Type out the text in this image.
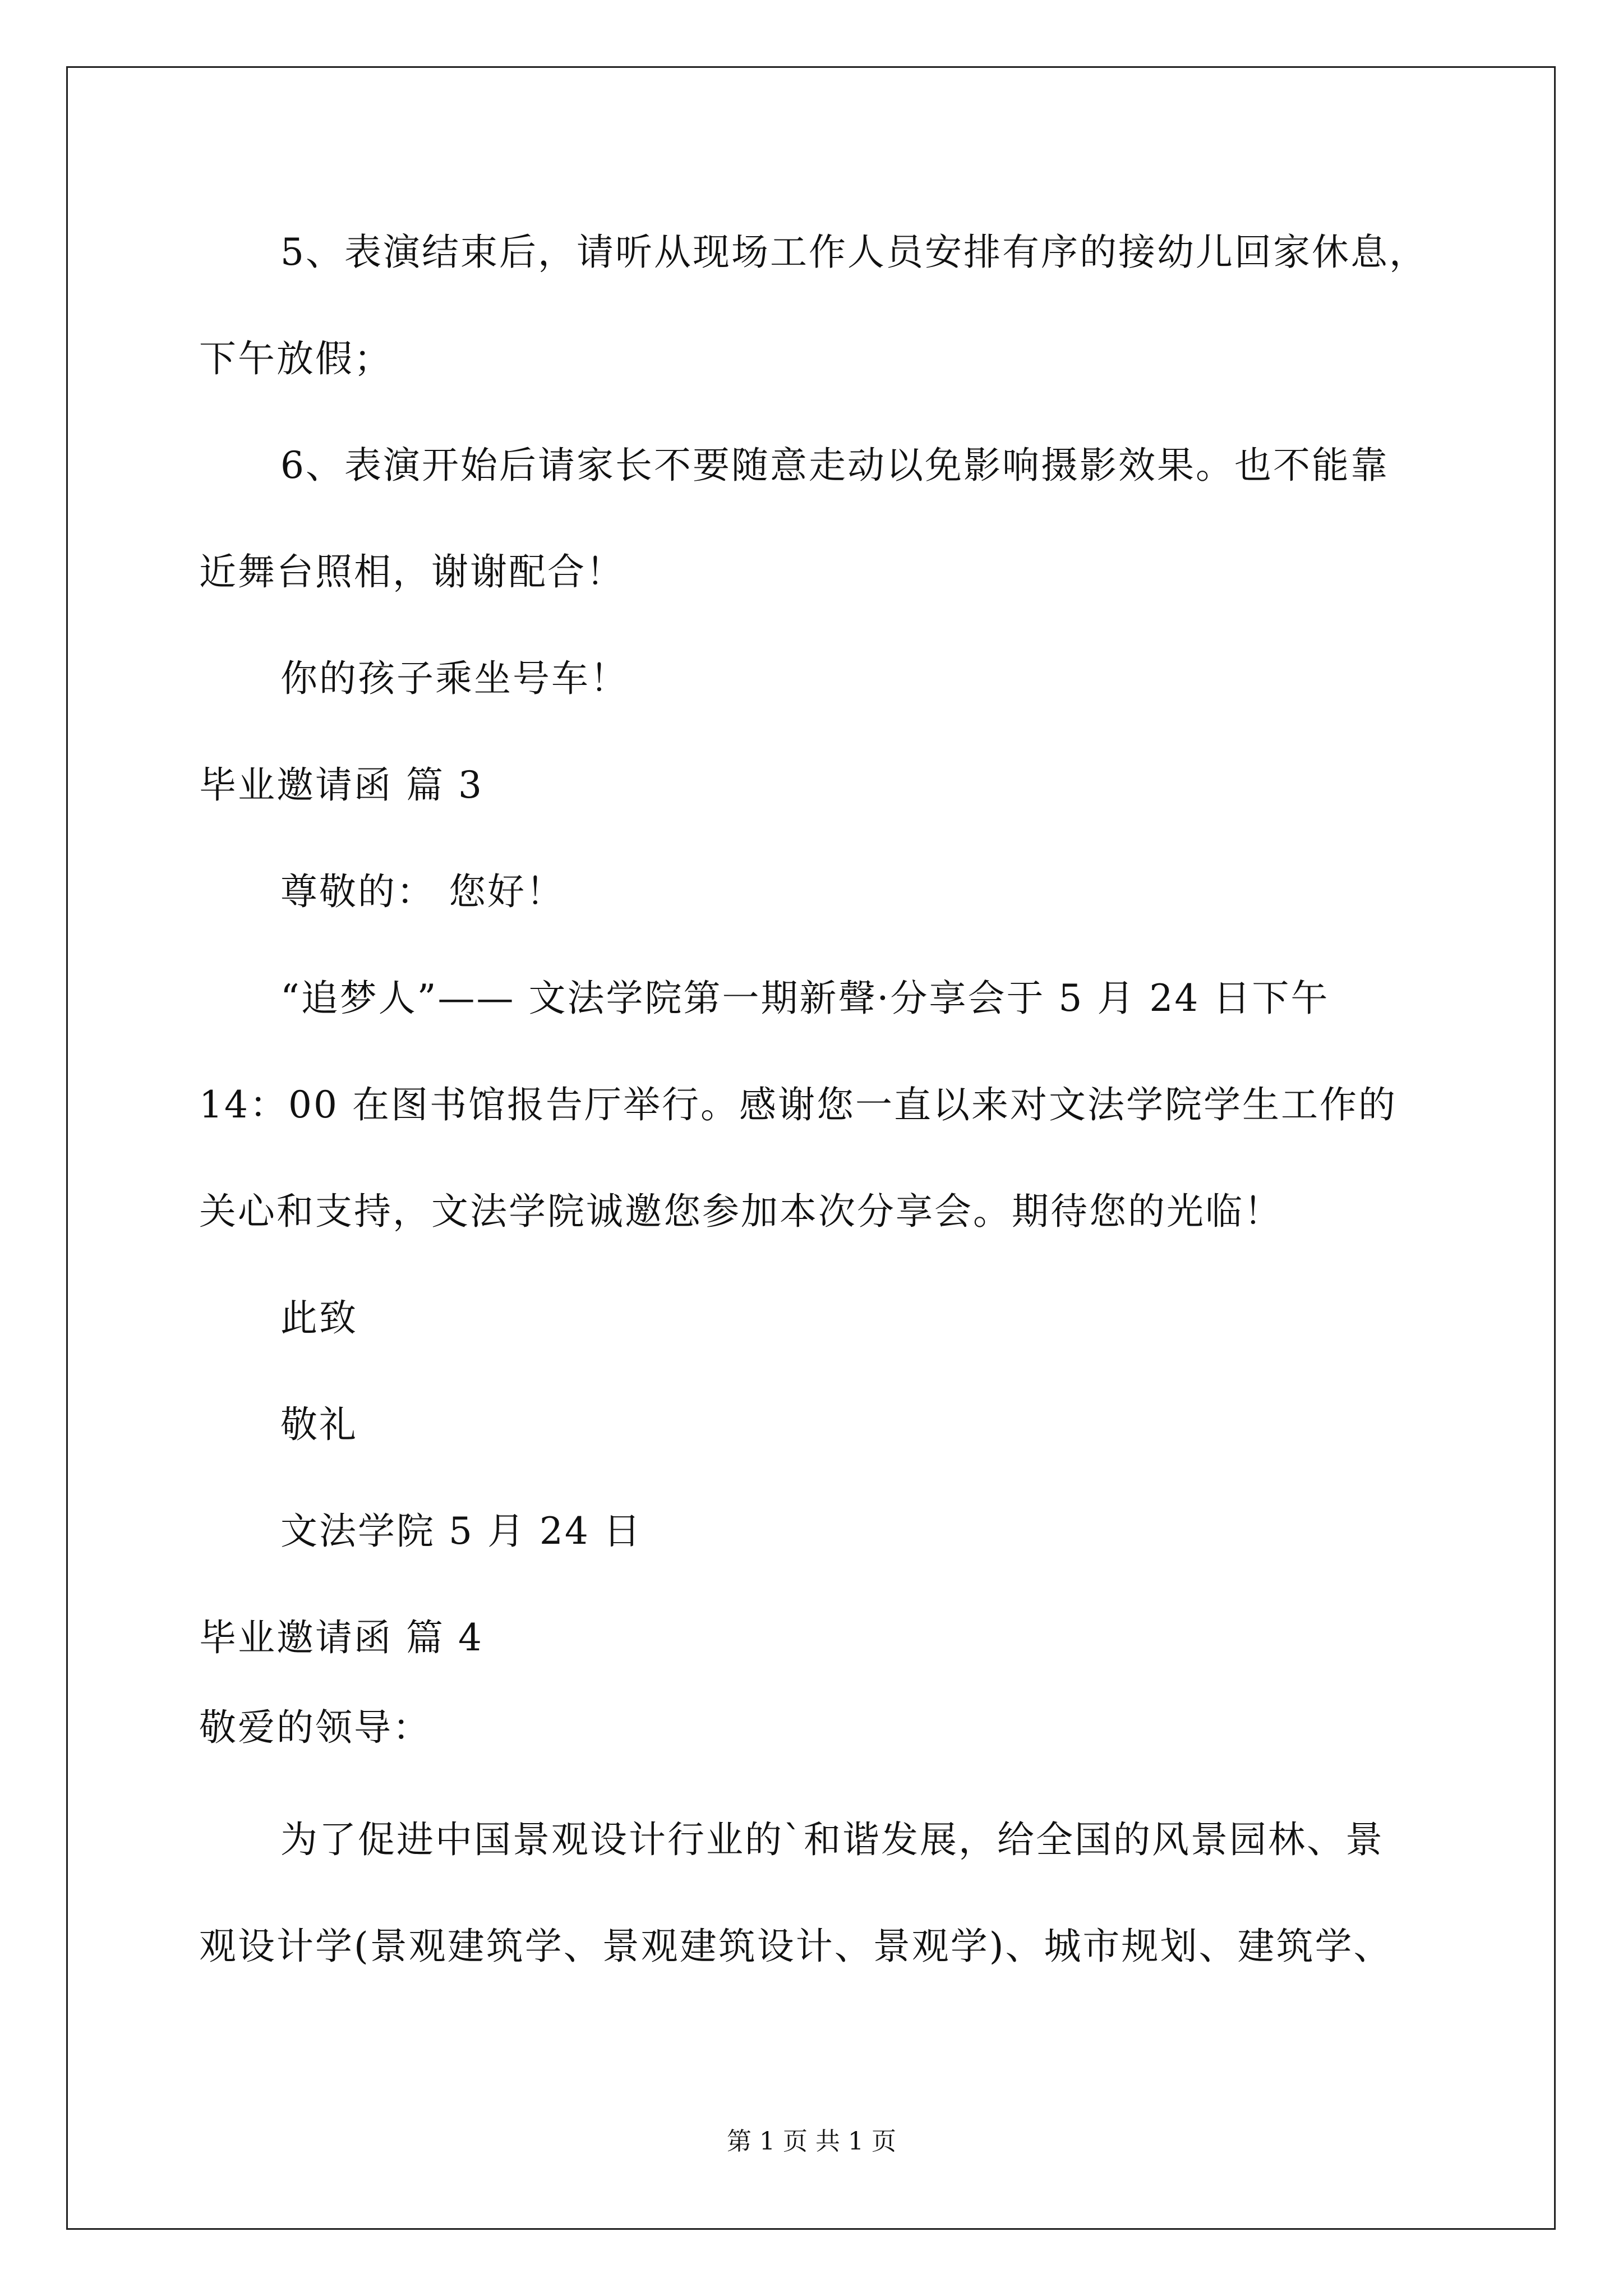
5、表演结束后，请听从现场工作人员安排有序的接幼儿回家休息，
下午放假；
6、表演开始后请家长不要随意走动以免影响摄影效果。也不能靠
近舞台照相，谢谢配合！
你的孩子乘坐号车！
毕业邀请函 篇 3
尊敬的： 您好！
“追梦人”—— 文法学院第一期新聲·分享会于 5 月 24 日下午
14：00 在图书馆报告厅举行。感谢您一直以来对文法学院学生工作的
关心和支持，文法学院诚邀您参加本次分享会。期待您的光临！
此致
敬礼
文法学院 5 月 24 日
毕业邀请函 篇 4
敬爱的领导：
为了促进中国景观设计行业的`和谐发展，给全国的风景园林、景
观设计学(景观建筑学、景观建筑设计、景观学)、城市规划、建筑学、
第 1 页 共 1 页
